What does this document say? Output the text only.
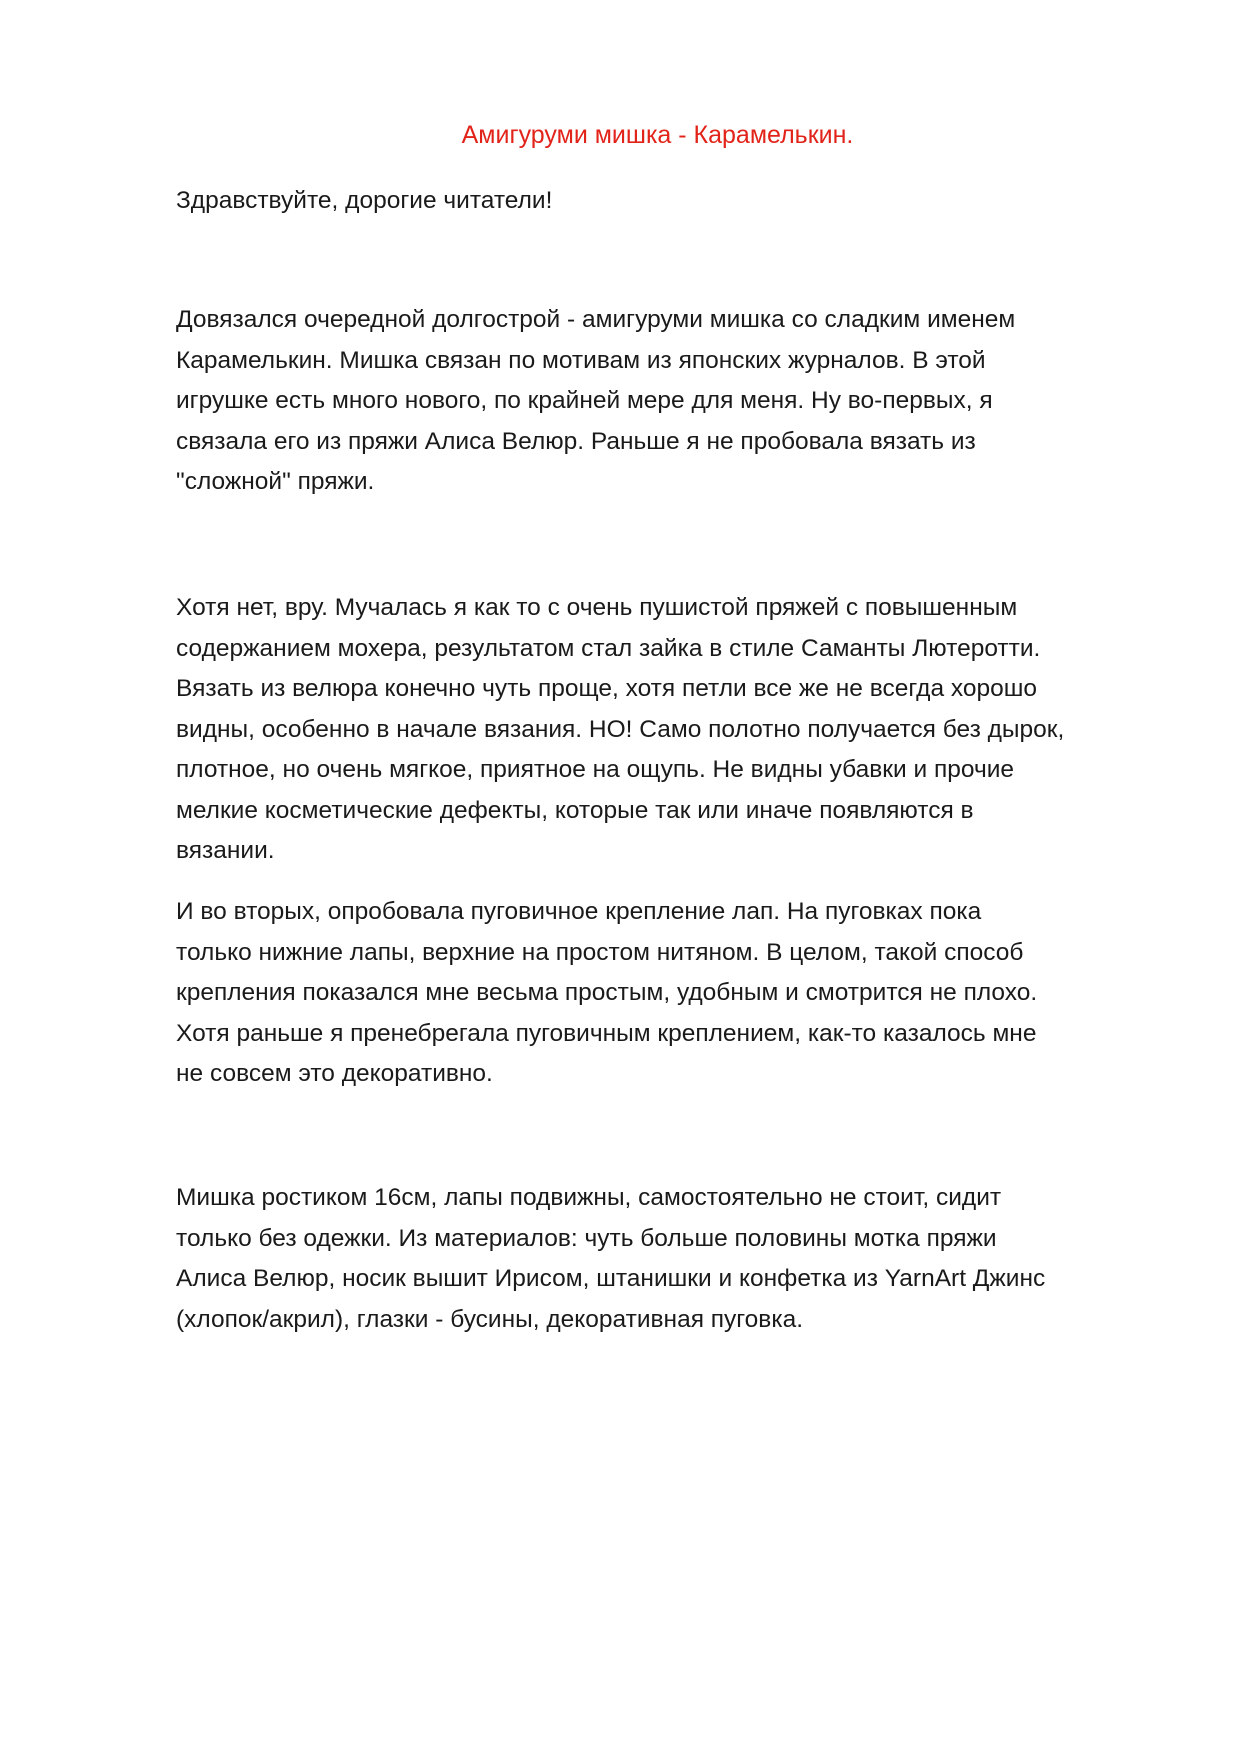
Амигуруми мишка - Карамелькин.
Здравствуйте, дорогие читатели!
Довязался очередной долгострой - амигуруми мишка со сладким именем
Карамелькин. Мишка связан по мотивам из японских журналов. В этой
игрушке есть много нового, по крайней мере для меня. Ну во-первых, я
связала его из пряжи Алиса Велюр. Раньше я не пробовала вязать из
"сложной" пряжи.
Хотя нет, вру. Мучалась я как то с очень пушистой пряжей с повышенным
содержанием мохера, результатом стал зайка в стиле Саманты Лютеротти.
Вязать из велюра конечно чуть проще, хотя петли все же не всегда хорошо
видны, особенно в начале вязания. НО! Само полотно получается без дырок,
плотное, но очень мягкое, приятное на ощупь. Не видны убавки и прочие
мелкие косметические дефекты, которые так или иначе появляются в
вязании.
И во вторых, опробовала пуговичное крепление лап. На пуговках пока
только нижние лапы, верхние на простом нитяном. В целом, такой способ
крепления показался мне весьма простым, удобным и смотрится не плохо.
Хотя раньше я пренебрегала пуговичным креплением, как-то казалось мне
не совсем это декоративно.
Мишка ростиком 16см, лапы подвижны, самостоятельно не стоит, сидит
только без одежки. Из материалов: чуть больше половины мотка пряжи
Алиса Велюр, носик вышит Ирисом, штанишки и конфетка из YarnArt Джинс
(хлопок/акрил), глазки - бусины, декоративная пуговка.
